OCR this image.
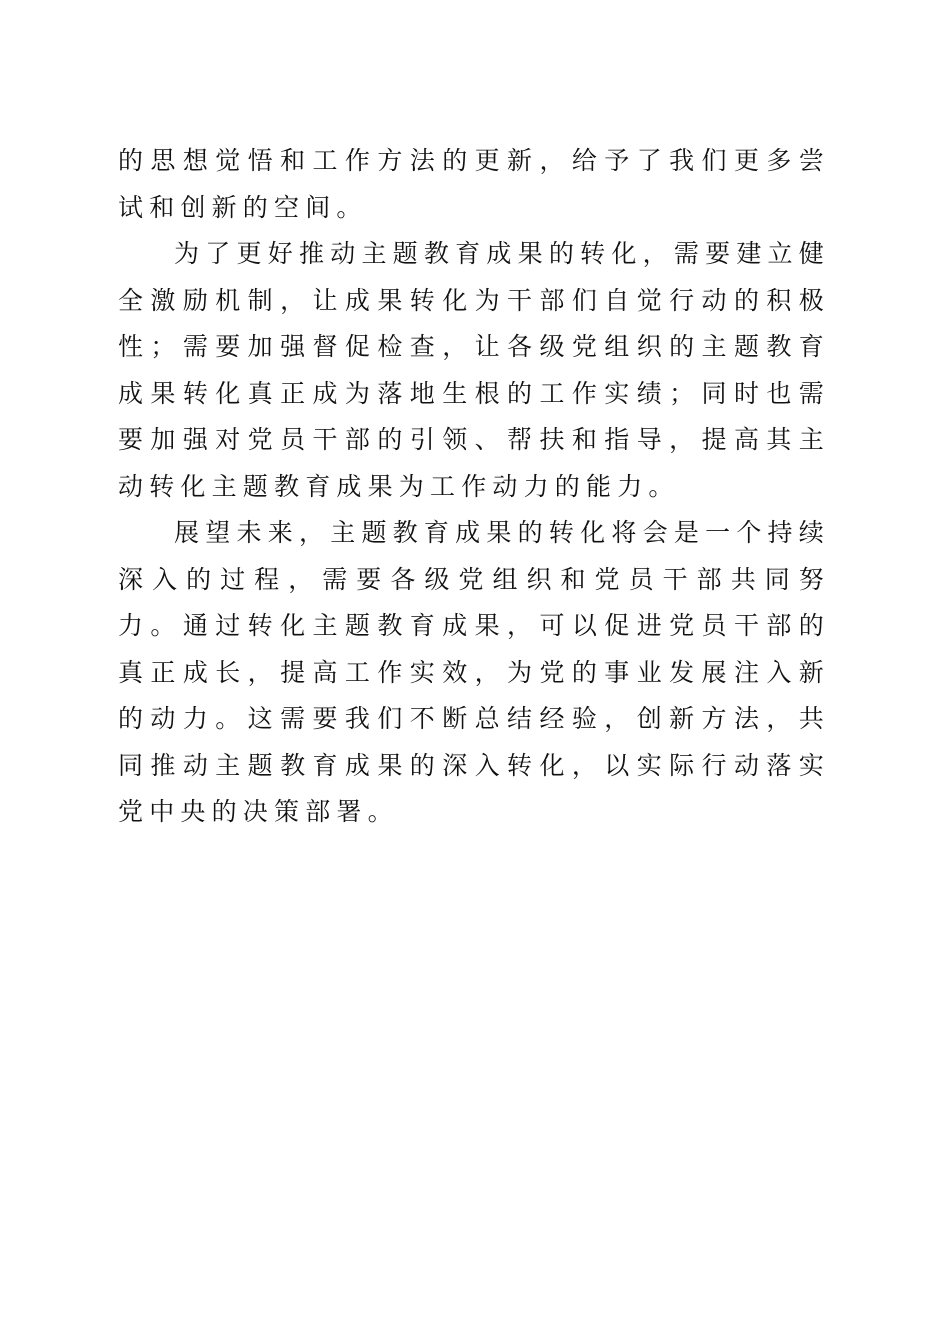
的思想觉悟和工作方法的更新，给予了我们更多尝试和创新的空间。

为了更好推动主题教育成果的转化，需要建立健全激励机制，让成果转化为干部们自觉行动的积极性；需要加强督促检查，让各级党组织的主题教育成果转化真正成为落地生根的工作实绩；同时也需要加强对党员干部的引领、帮扶和指导，提高其主动转化主题教育成果为工作动力的能力。

展望未来，主题教育成果的转化将会是一个持续深入的过程，需要各级党组织和党员干部共同努力。通过转化主题教育成果，可以促进党员干部的真正成长，提高工作实效，为党的事业发展注入新的动力。这需要我们不断总结经验，创新方法，共同推动主题教育成果的深入转化，以实际行动落实党中央的决策部署。
